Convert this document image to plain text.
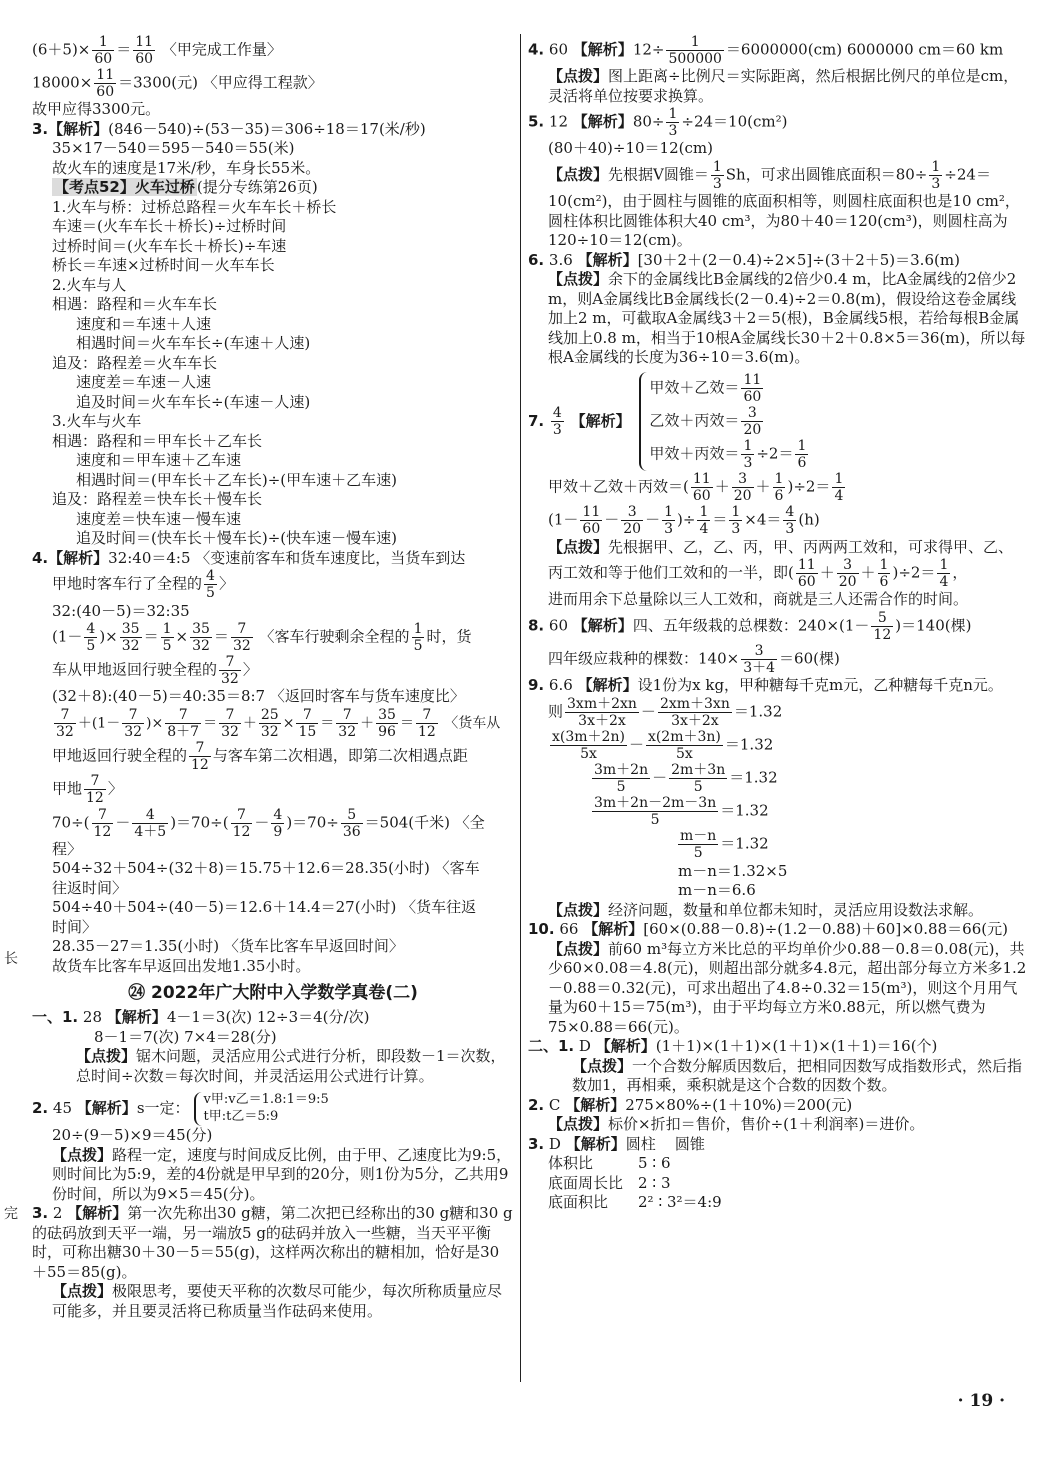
长
完
$(6+5)\times \frac{1}{60} = \frac{11}{60}$ 〈甲完成工作量〉
$18000\times \frac{11}{60} =3300$(元) 〈甲应得工程款〉
故甲应得3300元。
3.【解析】(846－540)÷(53－35)＝306÷18＝17(米/秒)
35×17－540＝595－540＝55(米)
故火车的速度是17米/秒，车身长55米。
【考点52】火车过桥 (提分专练第26页)
1.火车与桥：过桥总路程＝火车车长＋桥长
车速＝(火车车长＋桥长)÷过桥时间
过桥时间＝(火车车长＋桥长)÷车速
桥长＝车速×过桥时间－火车车长
2.火车与人
相遇：路程和＝火车车长
速度和＝车速＋人速
相遇时间＝火车车长÷(车速＋人速)
追及：路程差＝火车车长
速度差＝车速－人速
追及时间＝火车车长÷(车速－人速)
3.火车与火车
相遇：路程和＝甲车长＋乙车长
速度和＝甲车速＋乙车速
相遇时间＝(甲车长＋乙车长)÷(甲车速＋乙车速)
追及：路程差＝快车长＋慢车长
速度差＝快车速－慢车速
追及时间＝(快车长＋慢车长)÷(快车速－慢车速)
4.【解析】32:40＝4:5 〈变速前客车和货车速度比，当货车到达
甲地时客车行了全程的 $\frac{4}{5}$ 〉
32:(40－5)＝32:35
($1- \frac{4}{5}$ )× $\frac{35}{32} = \frac{1}{5} \times \frac{35}{32} = \frac{7}{32}$ 〈客车行驶剩余全程的 $\frac{1}{5}$ 时，货
车从甲地返回行驶全程的 $\frac{7}{32}$ 〉
(32＋8):(40－5)＝40:35＝8:7 〈返回时客车与货车速度比〉
$\frac{7}{32} +(1- \frac{7}{32}$ )× $\frac{7}{8+7} = \frac{7}{32} + \frac{25}{32} \times \frac{7}{15} = \frac{7}{32} + \frac{35}{96} = \frac{7}{12}$ 〈货车从
甲地返回行驶全程的 $\frac{7}{12}$ 与客车第二次相遇，即第二次相遇点距
甲地 $\frac{7}{12}$ 〉
$70\div( \frac{7}{12} - \frac{4}{4+5} )=70\div( \frac{7}{12} - \frac{4}{9} )=70\div \frac{5}{36} =504$(千米) 〈全
程〉
504÷32＋504÷(32＋8)＝15.75＋12.6＝28.35(小时) 〈客车
往返时间〉
504÷40＋504÷(40－5)＝12.6＋14.4＝27(小时) 〈货车往返
时间〉
28.35－27＝1.35(小时) 〈货车比客车早返回时间〉
故货车比客车早返回出发地1.35小时。
㉔ 2022年广大附中入学数学真卷(二)
一、1. 28 【解析】4－1＝3(次) 12÷3＝4(分/次)
8－1＝7(次) 7×4＝28(分)
【点拨】锯木问题，灵活应用公式进行分析，即段数－1＝次数，总时间÷次数＝每次时间，并灵活运用公式进行计算。
2. 45 【解析】s一定： v甲:v乙＝1.8:1＝9:5
t甲:t乙＝5:9
20÷(9－5)×9＝45(分)
【点拨】路程一定，速度与时间成反比例，由于甲、乙速度比为9:5，则时间比为5:9，差的4份就是甲早到的20分，则1份为5分，乙共用9份时间，所以为9×5＝45(分)。
3. 2 【解析】第一次先称出30 g糖，第二次把已经称出的30 g糖和30 g的砝码放到天平一端，另一端放5 g的砝码并放入一些糖，当天平平衡时，可称出糖30＋30－5＝55(g)，这样两次称出的糖相加，恰好是30＋55＝85(g)。
【点拨】极限思考，要使天平称的次数尽可能少，每次所称质量应尽可能多，并且要灵活将已称质量当作砝码来使用。
4. 60 【解析】$12\div \frac{1}{500000} =6000000(cm)$ 6000000 cm＝60 km
【点拨】图上距离÷比例尺＝实际距离，然后根据比例尺的单位是cm，灵活将单位按要求换算。
5. 12 【解析】$80\div \frac{1}{3} \div 24=10(cm^2)$
(80＋40)÷10＝12(cm)
【点拨】先根据V圆锥＝ $\frac{1}{3}$ Sh，可求出圆锥底面积$=80\div \frac{1}{3} \div 24=$
10(cm²)，由于圆柱与圆锥的底面积相等，则圆柱底面积也是10 cm²，圆柱体积比圆锥体积大40 cm³，为80＋40＝120(cm³)，则圆柱高为120÷10＝12(cm)。
6. 3.6 【解析】[30＋2＋(2－0.4)÷2×5]÷(3＋2＋5)＝3.6(m)
【点拨】余下的金属线比B金属线的2倍少0.4 m，比A金属线的2倍少2 m，则A金属线比B金属线长(2－0.4)÷2＝0.8(m)，假设给这卷金属线加上2 m，可截取A金属线3＋2＝5(根)，B金属线5根，若给每根B金属线加上0.8 m，相当于10根A金属线长30＋2＋0.8×5＝36(m)，所以每根A金属线的长度为36÷10＝3.6(m)。
7. $\frac{4}{3}$ 【解析】
甲效＋乙效＝ $\frac{11}{60}$
乙效＋丙效＝ $\frac{3}{20}$
甲效＋丙效＝ $\frac{1}{3} \div 2= \frac{1}{6}$
甲效＋乙效＋丙效＝( $\frac{11}{60} + \frac{3}{20} + \frac{1}{6} )\div 2= \frac{1}{4}$
($1- \frac{11}{60} - \frac{3}{20} - \frac{1}{3}$ )÷ $\frac{1}{4} = \frac{1}{3} \times 4= \frac{4}{3} (h)$
【点拨】先根据甲、乙，乙、丙，甲、丙两两工效和，可求得甲、乙、
丙工效和等于他们工效和的一半，即( $\frac{11}{60} + \frac{3}{20} + \frac{1}{6} )\div 2= \frac{1}{4}$ ，
进而用余下总量除以三人工效和，商就是三人还需合作的时间。
8. 60 【解析】四、五年级栽的总棵数：$240\times(1- \frac{5}{12} )=140$(棵)
四年级应栽种的棵数：$140\times \frac{3}{3+4} =60$(棵)
9. 6.6 【解析】设1份为x kg，甲种糖每千克m元，乙种糖每千克n元。
则 $\frac{3xm+2xn}{3x+2x} - \frac{2xm+3xn}{3x+2x} =1.32$
$\frac{x(3m+2n)}{5x} - \frac{x(2m+3n)}{5x} =1.32$
$\frac{3m+2n}{5} - \frac{2m+3n}{5} =1.32$
$\frac{3m+2n-2m-3n}{5} =1.32$
$\frac{m-n}{5} =1.32$
m－n＝1.32×5
m－n＝6.6
【点拨】经济问题，数量和单位都未知时，灵活应用设数法求解。
10. 66 【解析】[60×(0.88－0.8)÷(1.2－0.88)＋60]×0.88＝66(元)
【点拨】前60 m³每立方米比总的平均单价少0.88－0.8＝0.08(元)，共少60×0.08＝4.8(元)，则超出部分就多4.8元，超出部分每立方米多1.2－0.88＝0.32(元)，可求出超出了4.8÷0.32＝15(m³)，则这个月用气量为60＋15＝75(m³)，由于平均每立方米0.88元，所以燃气费为75×0.88＝66(元)。
二、1. D 【解析】(1＋1)×(1＋1)×(1＋1)×(1＋1)＝16(个)
【点拨】一个合数分解质因数后，把相同因数写成指数形式，然后指数加1，再相乘，乘积就是这个合数的因数个数。
2. C 【解析】275×80%÷(1＋10%)＝200(元)
【点拨】标价×折扣＝售价，售价÷(1＋利润率)＝进价。
3. D 【解析】圆柱 圆锥
体积比	5 ∶ 6
底面周长比 2 ∶ 3
底面积比 2² ∶ 3²＝4:9
· 19 ·
